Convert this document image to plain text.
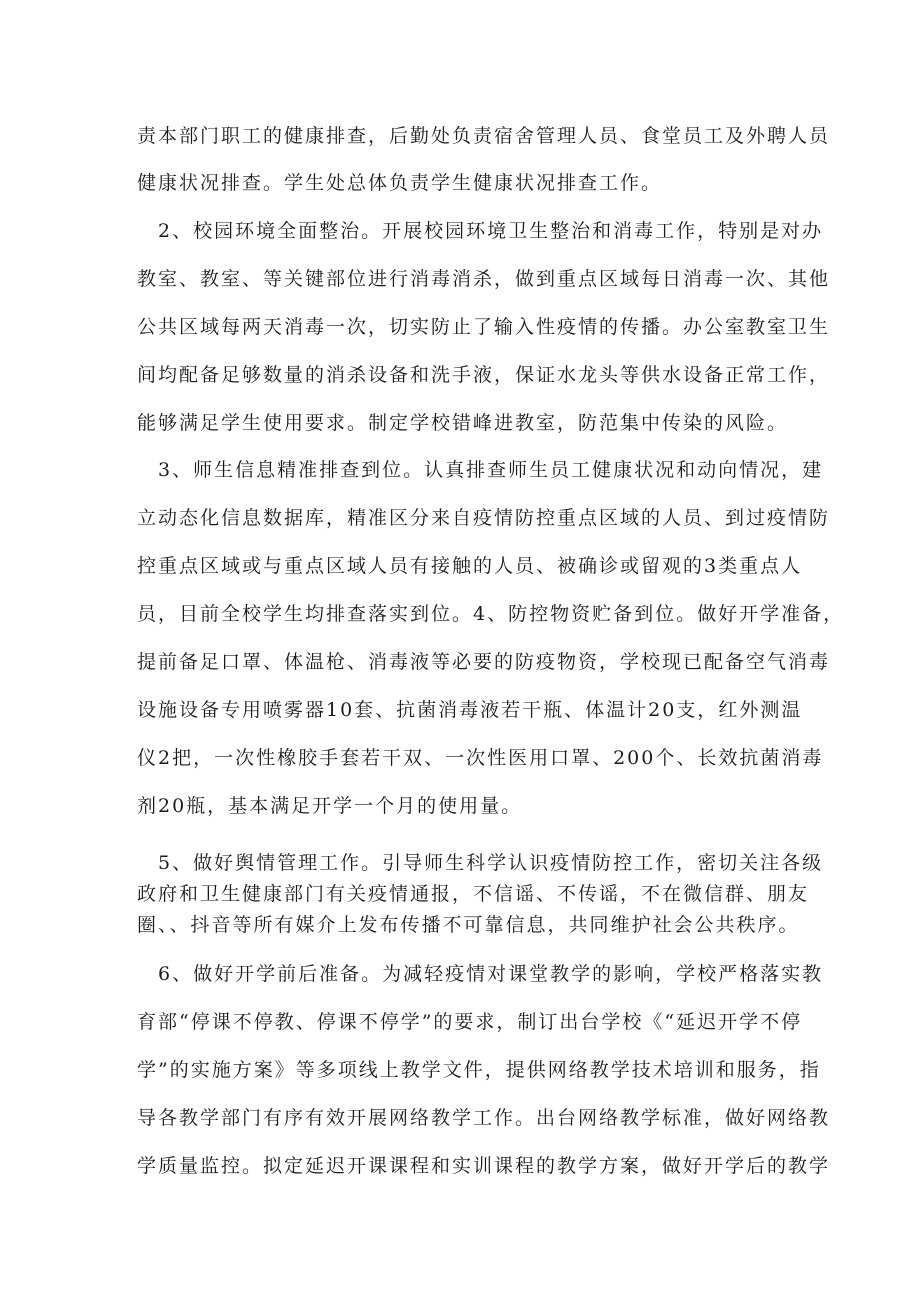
责本部门职工的健康排查，后勤处负责宿舍管理人员、食堂员工及外聘人员
健康状况排查。学生处总体负责学生健康状况排查工作。
2、校园环境全面整治。开展校园环境卫生整治和消毒工作，特别是对办
教室、教室、等关键部位进行消毒消杀，做到重点区域每日消毒一次、其他
公共区域每两天消毒一次，切实防止了输入性疫情的传播。办公室教室卫生
间均配备足够数量的消杀设备和洗手液，保证水龙头等供水设备正常工作，
能够满足学生使用要求。制定学校错峰进教室，防范集中传染的风险。
3、师生信息精准排查到位。认真排查师生员工健康状况和动向情况，建
立动态化信息数据库，精准区分来自疫情防控重点区域的人员、到过疫情防
控重点区域或与重点区域人员有接触的人员、被确诊或留观的3类重点人
员，目前全校学生均排查落实到位。4、防控物资贮备到位。做好开学准备，
提前备足口罩、体温枪、消毒液等必要的防疫物资，学校现已配备空气消毒
设施设备专用喷雾器10套、抗菌消毒液若干瓶、体温计20支，红外测温
仪2把，一次性橡胶手套若干双、一次性医用口罩、200个、长效抗菌消毒
剂20瓶，基本满足开学一个月的使用量。
5、做好舆情管理工作。引导师生科学认识疫情防控工作，密切关注各级
政府和卫生健康部门有关疫情通报，不信谣、不传谣，不在微信群、朋友
圈、、抖音等所有媒介上发布传播不可靠信息，共同维护社会公共秩序。
6、做好开学前后准备。为减轻疫情对课堂教学的影响，学校严格落实教
育部“停课不停教、停课不停学”的要求，制订出台学校《“延迟开学不停
学”的实施方案》等多项线上教学文件，提供网络教学技术培训和服务，指
导各教学部门有序有效开展网络教学工作。出台网络教学标准，做好网络教
学质量监控。拟定延迟开课课程和实训课程的教学方案，做好开学后的教学
